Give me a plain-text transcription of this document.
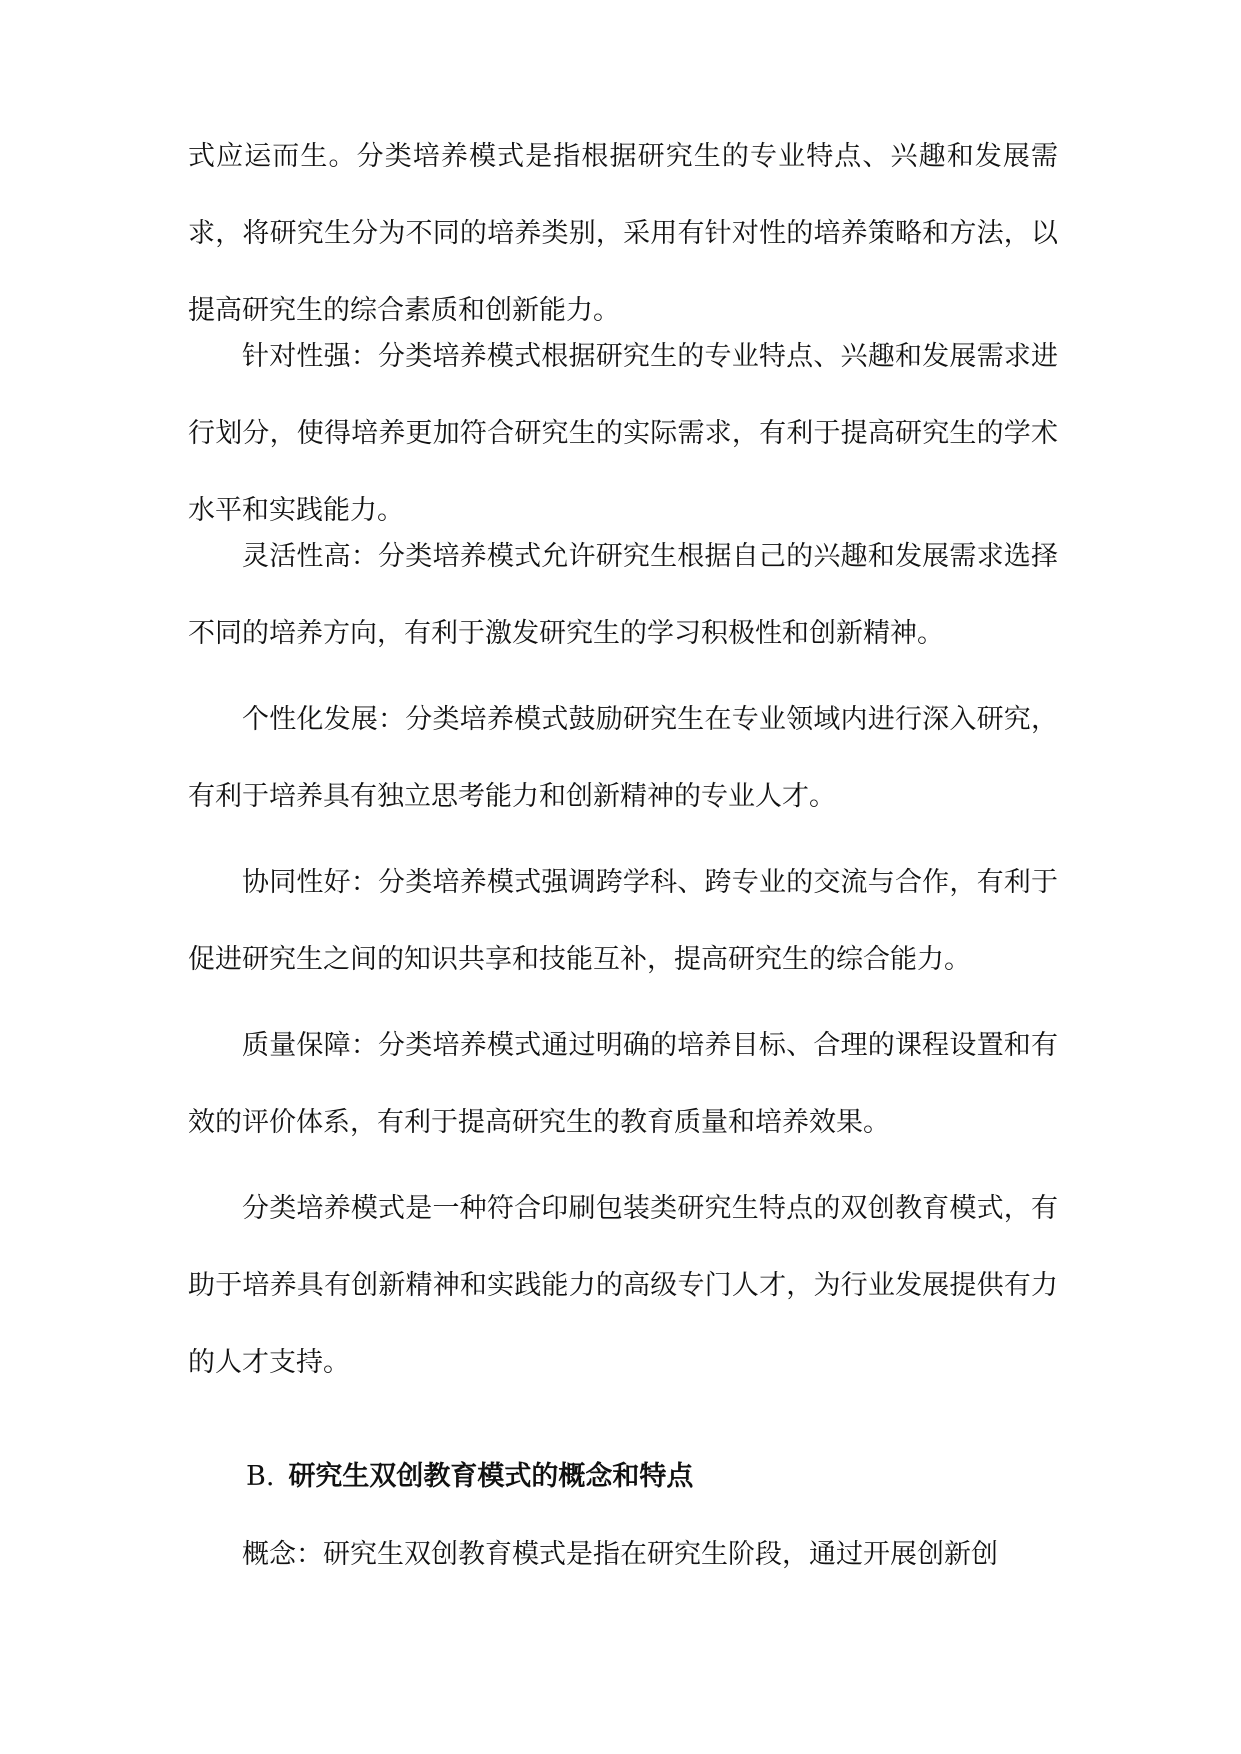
式应运而生。分类培养模式是指根据研究生的专业特点、兴趣和发展需求，将研究生分为不同的培养类别，采用有针对性的培养策略和方法，以提高研究生的综合素质和创新能力。

针对性强：分类培养模式根据研究生的专业特点、兴趣和发展需求进行划分，使得培养更加符合研究生的实际需求，有利于提高研究生的学术水平和实践能力。

灵活性高：分类培养模式允许研究生根据自己的兴趣和发展需求选择不同的培养方向，有利于激发研究生的学习积极性和创新精神。

个性化发展：分类培养模式鼓励研究生在专业领域内进行深入研究，有利于培养具有独立思考能力和创新精神的专业人才。

协同性好：分类培养模式强调跨学科、跨专业的交流与合作，有利于促进研究生之间的知识共享和技能互补，提高研究生的综合能力。

质量保障：分类培养模式通过明确的培养目标、合理的课程设置和有效的评价体系，有利于提高研究生的教育质量和培养效果。

分类培养模式是一种符合印刷包装类研究生特点的双创教育模式，有助于培养具有创新精神和实践能力的高级专门人才，为行业发展提供有力的人才支持。

B. 研究生双创教育模式的概念和特点

概念：研究生双创教育模式是指在研究生阶段，通过开展创新创
